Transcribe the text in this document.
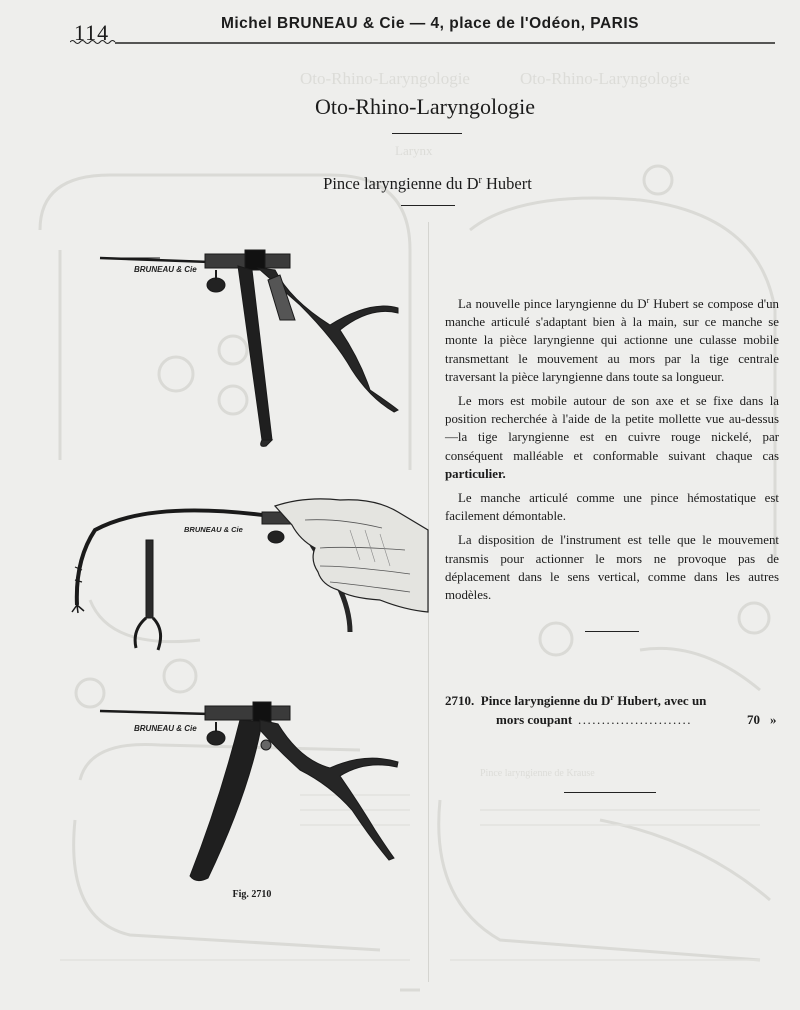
Oto-Rhino-Laryngologie	Oto-Rhino-Laryngologie
Larynx
Pince laryngienne de Krause
114	Michel BRUNEAU & Cie — 4, place de l'Odéon, PARIS
Oto-Rhino-Laryngologie
Pince laryngienne du $D^r$ Hubert
BRUNEAU & Cie
BRUNEAU & Cie
BRUNEAU & Cie
Fig. 2710

La nouvelle pince laryngienne du $D^r$ Hubert se compose d'un manche articulé s'adaptant bien à la main, sur ce manche se monte la pièce laryngienne qui actionne une culasse mobile transmettant le mouvement au mors par la tige centrale traversant la pièce laryngienne dans toute sa longueur.

Le mors est mobile autour de son axe et se fixe dans la position recherchée à l'aide de la petite mollette vue au-dessus —la tige laryngienne est en cuivre rouge nickelé, par conséquent malléable et conformable suivant chaque cas particulier.

Le manche articulé comme une pince hémostatique est facilement démontable.

La disposition de l'instrument est telle que le mouvement transmis pour actionner le mors ne provoque pas de déplacement dans le sens vertical, comme dans les autres modèles.

2710. Pince laryngienne du $D^r$ Hubert, avec un
mors coupant ........................	70 »
